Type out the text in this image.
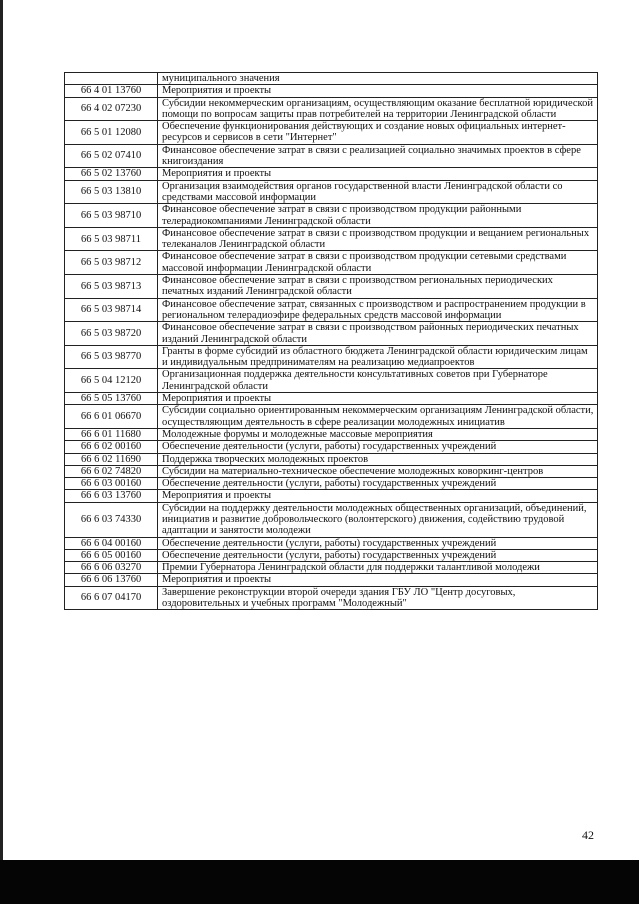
	муниципального значения
66 4 01 13760	Мероприятия и проекты
66 4 02 07230	Субсидии некоммерческим организациям, осуществляющим оказание бесплатной юридической помощи по вопросам защиты прав потребителей на территории Ленинградской области
66 5 01 12080	Обеспечение функционирования действующих и создание новых официальных интернет-ресурсов и сервисов в сети "Интернет"
66 5 02 07410	Финансовое обеспечение затрат в связи с реализацией социально значимых проектов в сфере книгоиздания
66 5 02 13760	Мероприятия и проекты
66 5 03 13810	Организация взаимодействия органов государственной власти Ленинградской области со средствами массовой информации
66 5 03 98710	Финансовое обеспечение затрат в связи с производством продукции районными телерадиокомпаниями Ленинградской области
66 5 03 98711	Финансовое обеспечение затрат в связи с производством продукции и вещанием региональных телеканалов Ленинградской области
66 5 03 98712	Финансовое обеспечение затрат в связи с производством продукции сетевыми средствами массовой информации Ленинградской области
66 5 03 98713	Финансовое обеспечение затрат в связи с производством региональных периодических печатных изданий Ленинградской области
66 5 03 98714	Финансовое обеспечение затрат, связанных с производством и распространением продукции в региональном телерадиоэфире федеральных средств массовой информации
66 5 03 98720	Финансовое обеспечение затрат в связи с производством районных периодических печатных изданий Ленинградской области
66 5 03 98770	Гранты в форме субсидий из областного бюджета Ленинградской области юридическим лицам и индивидуальным предпринимателям на реализацию медиапроектов
66 5 04 12120	Организационная поддержка деятельности консультативных советов при Губернаторе Ленинградской области
66 5 05 13760	Мероприятия и проекты
66 6 01 06670	Субсидии социально ориентированным некоммерческим организациям Ленинградской области, осуществляющим деятельность в сфере реализации молодежных инициатив
66 6 01 11680	Молодежные форумы и молодежные массовые мероприятия
66 6 02 00160	Обеспечение деятельности (услуги, работы) государственных учреждений
66 6 02 11690	Поддержка творческих молодежных проектов
66 6 02 74820	Субсидии на материально-техническое обеспечение молодежных коворкинг-центров
66 6 03 00160	Обеспечение деятельности (услуги, работы) государственных учреждений
66 6 03 13760	Мероприятия и проекты
66 6 03 74330	Субсидии на поддержку деятельности молодежных общественных организаций, объединений, инициатив и развитие добровольческого (волонтерского) движения, содействию трудовой адаптации и занятости молодежи
66 6 04 00160	Обеспечение деятельности (услуги, работы) государственных учреждений
66 6 05 00160	Обеспечение деятельности (услуги, работы) государственных учреждений
66 6 06 03270	Премии Губернатора Ленинградской области для поддержки талантливой молодежи
66 6 06 13760	Мероприятия и проекты
66 6 07 04170	Завершение реконструкции второй очереди здания ГБУ ЛО "Центр досуговых, оздоровительных и учебных программ "Молодежный"
42
